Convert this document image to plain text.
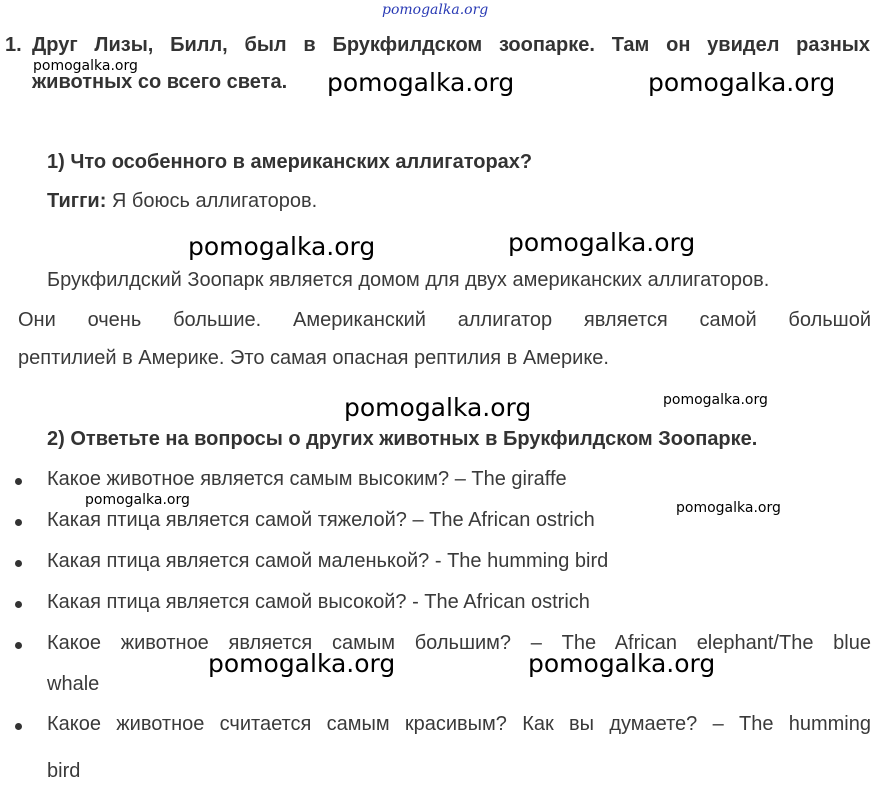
pomogalka.org
1. Друг Лизы, Билл, был в Брукфилдском зоопарке. Там он увидел разных
животных со всего света.
pomogalka.org
pomogalka.org	pomogalka.org
1) Что особенного в американских аллигаторах?
Тигги: Я боюсь аллигаторов.
pomogalka.org	pomogalka.org
Брукфилдский Зоопарк является домом для двух американских аллигаторов.
Они очень большие. Американский аллигатор является самой большой
рептилией в Америке. Это самая опасная рептилия в Америке.
pomogalka.org	pomogalka.org
2) Ответьте на вопросы о других животных в Брукфилдском Зоопарке.
Какое животное является самым высоким? – The giraffe
pomogalka.org
Какая птица является самой тяжелой? – The African ostrich
pomogalka.org
Какая птица является самой маленькой? - The humming bird
Какая птица является самой высокой? - The African ostrich
Какое животное является самым большим? – The African elephant/The blue
pomogalka.org	pomogalka.org
whale
Какое животное считается самым красивым? Как вы думаете? – The humming
bird
